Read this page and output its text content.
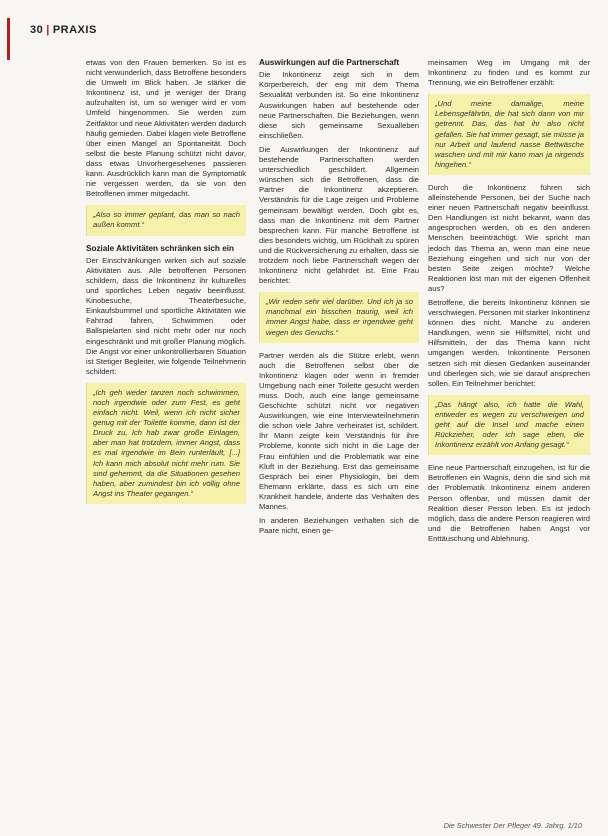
30 | PRAXIS

etwas von den Frauen bemerken. So ist es nicht verwunderlich, dass Betroffene besonders die Umwelt im Blick haben. Je stärker die Inkontinenz ist, und je weniger der Drang aufzuhalten ist, um so weniger wird er vom Umfeld hingenommen. Sie werden zum Zeitfaktor und neue Aktivitäten werden dadurch häufig gemieden. Dabei klagen viele Betroffene über einen Mangel an Spontaneität. Doch selbst die beste Planung schützt nicht davor, dass etwas Unvorhergesehenes passieren kann. Ausdrücklich kann man die Symptomatik nie vergessen werden, da sie von den Betroffenen immer mitgedacht.

„Also so immer geplant, das man so nach außen kommt.“
Soziale Aktivitäten schränken sich ein

Der Einschränkungen wirken sich auf soziale Aktivitäten aus. Alle betroffenen Personen schildern, dass die Inkontinenz ihr kulturelles und sportliches Leben negativ beeinflusst. Kinobesuche, Theaterbesuche, Einkaufsbummel und sportliche Aktivitäten wie Fahrrad fahren, Schwimmen oder Ballspielarten sind nicht mehr oder nur noch eingeschränkt und mit großer Planung möglich. Die Angst vor einer unkontrollierbaren Situation ist Stetiger Begleiter, wie folgende Teilnehmerin schildert:

„Ich geh weder tanzen noch schwimmen, noch irgendwie oder zum Fest, es geht einfach nicht. Weil, wenn ich nicht sicher genug mit der Toilette komme, dann ist der Druck zu, Ich hab zwar große Einlagen, aber man hat trotzdem, immer Angst, dass es mal irgendwie im Bein runterläuft, [...] Ich kann mich absolut nicht mehr rum. Sie sind gehemmt, da die Situationen gesehen haben, aber zumindest bin ich völlig ohne Angst ins Theater gegangen.“
Auswirkungen auf die Partnerschaft

Die Inkontinenz zeigt sich in dem Körperbereich, der eng mit dem Thema Sexualität verbunden ist. So eine Inkontinenz Auswirkungen haben auf bestehende oder neue Partnerschaften. Die Beziehungen, wenn diese sich gemeinsame Sexualleben einschließen.

Die Auswirkungen der Inkontinenz auf bestehende Partnerschaften werden unterschiedlich geschildert. Allgemein wünschen sich die Betroffenen, dass die Partner die Inkontinenz akzeptieren. Verständnis für die Lage zeigen und Probleme gemeinsam bewältigt werden. Doch gibt es, dass man die Inkontinenz mit dem Partner besprechen kann. Für manche Betroffene ist dies besonders wichtig, um Rückhalt zu spüren und die Rückversicherung zu erhalten, dass sie trotzdem noch liebe Partnerschaft wegen der Inkontinenz nicht gefährdet ist. Eine Frau berichtet:

„Wir reden sehr viel darüber. Und ich ja so manchmal ein bisschen traurig, weil ich immer Angst habe, dass er irgendwie geht wegen des Geruchs.“

Partner werden als die Stütze erlebt, wenn auch die Betroffenen selbst über die Inkontinenz klagen oder wenn in fremder Umgebung nach einer Toilette gesucht werden muss. Doch, auch eine lange gemeinsame Geschichte schützt nicht vor negativen Auswirkungen, wie eine Interviewteilnehmerin die schon viele Jahre verheiratet ist, schildert. Ihr Mann zeigte kein Verständnis für ihre Probleme, konnte sich nicht in die Lage der Frau einfühlen und die Problematik war eine Kluft in der Beziehung. Erst das gemeinsame Gespräch bei einer Physiologin, bei dem Ehemann erklärte, dass es sich um eine Krankheit handele, änderte das Verhalten des Mannes.

In anderen Beziehungen verhalten sich die Paare nicht, einen ge-

meinsamen Weg im Umgang mit der Inkontinenz zu finden und es kommt zur Trennung, wie ein Betroffener erzählt:

„Und meine damalige, meine Lebensgefährtin, die hat sich dann von mir getrennt. Das, das hat ihr also nicht gefallen. Sie hat immer gesagt, sie müsse ja nur Arbeit und laufend nasse Bettwäsche waschen und mit mir kann man ja nirgends hingehen.“

Durch die Inkontinenz führen sich alleinstehende Personen, bei der Suche nach einer neuen Partnerschaft negativ beeinflusst. Den Handlungen ist nicht bekannt, wann das angesprochen werden, ob es den anderen Menschen beeinträchtigt. Wie spricht man jedoch das Thema an, wenn man eine neue Beziehung eingehen und sich nur von der besten Seite zeigen möchte? Welche Reaktionen löst man mit der eigenen Offenheit aus?

Betroffene, die bereits Inkontinenz können sie verschwiegen. Personen mit starker Inkontinenz können dies nicht. Manche zu anderen Handlungen, wenn sie Hilfsmittel, nicht und Hilfsmitteln, der das Thema kann nicht umgangen werden. Inkontinente Personen setzen sich mit diesen Gedanken auseinander und überlegen sich, wie sie darauf ansprechen sollen. Ein Teilnehmer berichtet:

„Das hängt also, ich hatte die Wahl, entweder es wegen zu verschweigen und geht auf die Insel und mache einen Rückzieher, oder ich sage eben, die Inkontinenz erzählt von Anfang gesagt.“

Eine neue Partnerschaft einzugehen, ist für die Betroffenen ein Wagnis, denn die sind sich mit der Problematik Inkontinenz einem anderen Person offenbar, und müssen damit der Reaktion dieser Person leben. Es ist jedoch möglich, dass die andere Person reagieren wird und die Betroffenen haben Angst vor Enttäuschung und Ablehnung.

Die Schwester Der Pfleger 49. Jahrg. 1/10
